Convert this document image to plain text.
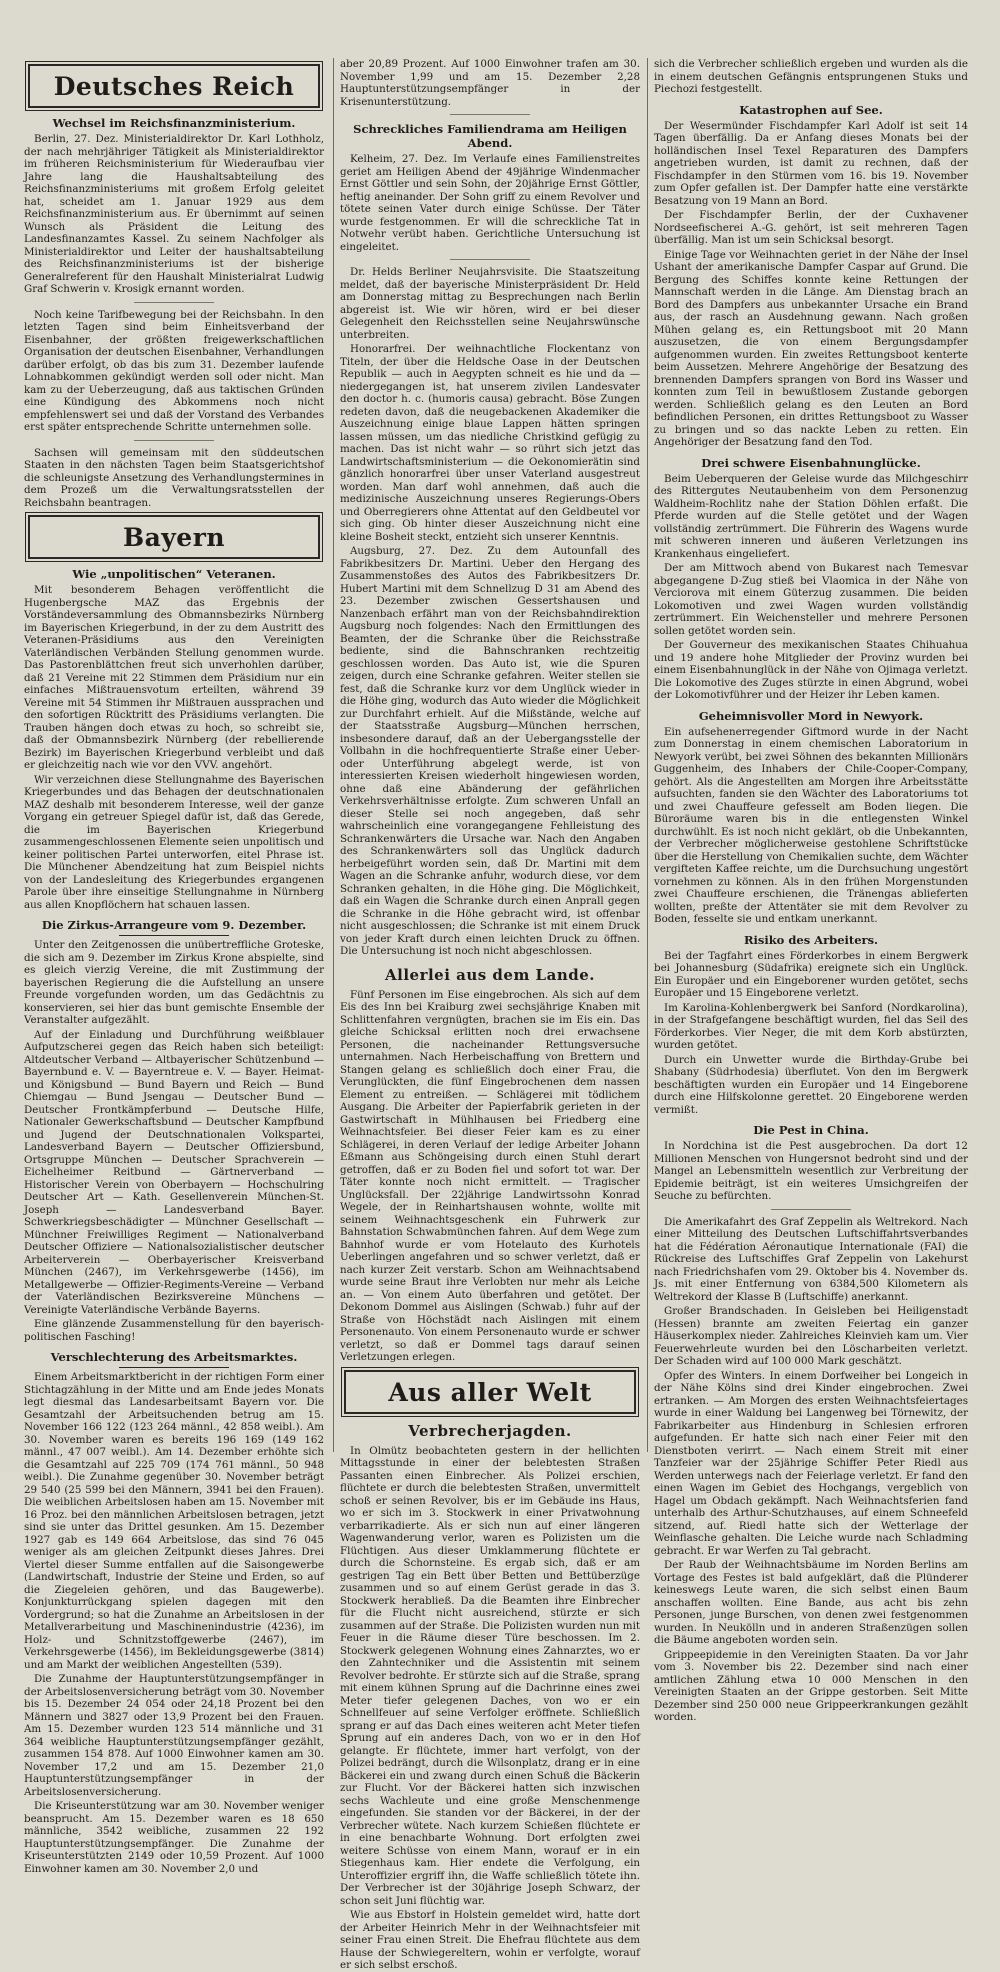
Deutsches Reich
Wechsel im Reichsfinanzministerium.

Berlin, 27. Dez. Ministerialdirektor Dr. Karl Lothholz, der nach mehrjähriger Tätigkeit als Ministerialdirektor im früheren Reichsministerium für Wiederaufbau vier Jahre lang die Haushaltsabteilung des Reichsfinanzministeriums mit großem Erfolg geleitet hat, scheidet am 1. Januar 1929 aus dem Reichsfinanzministerium aus. Er übernimmt auf seinen Wunsch als Präsident die Leitung des Landesfinanzamtes Kassel. Zu seinem Nachfolger als Ministerialdirektor und Leiter der haushaltsabteilung des Reichsfinanzministeriums ist der bisherige Generalreferent für den Haushalt Ministerialrat Ludwig Graf Schwerin v. Krosigk ernannt worden.

Noch keine Tarifbewegung bei der Reichsbahn. In den letzten Tagen sind beim Einheitsverband der Eisenbahner, der größten freigewerkschaftlichen Organisation der deutschen Eisenbahner, Verhandlungen darüber erfolgt, ob das bis zum 31. Dezember laufende Lohnabkommen gekündigt werden soll oder nicht. Man kam zu der Ueberzeugung, daß aus taktischen Gründen eine Kündigung des Abkommens noch nicht empfehlenswert sei und daß der Vorstand des Verbandes erst später entsprechende Schritte unternehmen solle.

Sachsen will gemeinsam mit den süddeutschen Staaten in den nächsten Tagen beim Staatsgerichtshof die schleunigste Ansetzung des Verhandlungstermines in dem Prozeß um die Verwaltungsratsstellen der Reichsbahn beantragen.

Bayern
Wie „unpolitischen“ Veteranen.

Mit besonderem Behagen veröffentlicht die Hugenbergsche MAZ das Ergebnis der Vorständeversammlung des Obmannsbezirks Nürnberg im Bayerischen Kriegerbund, in der zu dem Austritt des Veteranen-Präsidiums aus den Vereinigten Vaterländischen Verbänden Stellung genommen wurde. Das Pastorenblättchen freut sich unverhohlen darüber, daß 21 Vereine mit 22 Stimmen dem Präsidium nur ein einfaches Mißtrauensvotum erteilten, während 39 Vereine mit 54 Stimmen ihr Mißtrauen aussprachen und den sofortigen Rücktritt des Präsidiums verlangten. Die Trauben hängen doch etwas zu hoch, so schreibt sie, daß der Obmannsbezirk Nürnberg (der rebellierende Bezirk) im Bayerischen Kriegerbund verbleibt und daß er gleichzeitig nach wie vor den VVV. angehört.

Wir verzeichnen diese Stellungnahme des Bayerischen Kriegerbundes und das Behagen der deutschnationalen MAZ deshalb mit besonderem Interesse, weil der ganze Vorgang ein getreuer Spiegel dafür ist, daß das Gerede, die im Bayerischen Kriegerbund zusammengeschlossenen Elemente seien unpolitisch und keiner politischen Partei unterworfen, eitel Phrase ist. Die Münchener Abendzeitung hat zum Beispiel nichts von der Landesleitung des Kriegerbundes ergangenen Parole über ihre einseitige Stellungnahme in Nürnberg aus allen Knopflöchern hat schauen lassen.

Die Zirkus-Arrangeure vom 9. Dezember.

Unter den Zeitgenossen die unübertreffliche Groteske, die sich am 9. Dezember im Zirkus Krone abspielte, sind es gleich vierzig Vereine, die mit Zustimmung der bayerischen Regierung die die Aufstellung an unsere Freunde vorgefunden worden, um das Gedächtnis zu konservieren, sei hier das bunt gemischte Ensemble der Veranstalter aufgezählt.

Auf der Einladung und Durchführung weißblauer Aufputzscherei gegen das Reich haben sich beteiligt: Altdeutscher Verband — Altbayerischer Schützenbund — Bayernbund e. V. — Bayerntreue e. V. — Bayer. Heimat- und Königsbund — Bund Bayern und Reich — Bund Chiemgau — Bund Jsengau — Deutscher Bund — Deutscher Frontkämpferbund — Deutsche Hilfe, Nationaler Gewerkschaftsbund — Deutscher Kampfbund und Jugend der Deutschnationalen Volkspartei, Landesverband Bayern — Deutscher Offiziersbund, Ortsgruppe München — Deutscher Sprachverein — Eichelheimer Reitbund — Gärtnerverband — Historischer Verein von Oberbayern — Hochschulring Deutscher Art — Kath. Gesellenverein München-St. Joseph — Landesverband Bayer. Schwerkriegsbeschädigter — Münchner Gesellschaft — Münchner Freiwilliges Regiment — Nationalverband Deutscher Offiziere — Nationalsozialistischer deutscher Arbeiterverein — Oberbayerischer Kreisverband München (2467), im Verkehrsgewerbe (1456), im Metallgewerbe — Offizier-Regiments-Vereine — Verband der Vaterländischen Bezirksvereine Münchens — Vereinigte Vaterländische Verbände Bayerns.

Eine glänzende Zusammenstellung für den bayerisch-politischen Fasching!

Verschlechterung des Arbeitsmarktes.

Einem Arbeitsmarktbericht in der richtigen Form einer Stichtagzählung in der Mitte und am Ende jedes Monats legt diesmal das Landesarbeitsamt Bayern vor. Die Gesamtzahl der Arbeitsuchenden betrug am 15. November 166 122 (123 264 männl., 42 858 weibl.). Am 30. November waren es bereits 196 169 (149 162 männl., 47 007 weibl.). Am 14. Dezember erhöhte sich die Gesamtzahl auf 225 709 (174 761 männl., 50 948 weibl.). Die Zunahme gegenüber 30. November beträgt 29 540 (25 599 bei den Männern, 3941 bei den Frauen). Die weiblichen Arbeitslosen haben am 15. November mit 16 Proz. bei den männlichen Arbeitslosen betragen, jetzt sind sie unter das Drittel gesunken. Am 15. Dezember 1927 gab es 149 664 Arbeitslose, das sind 76 045 weniger als am gleichen Zeitpunkt dieses Jahres. Drei Viertel dieser Summe entfallen auf die Saisongewerbe (Landwirtschaft, Industrie der Steine und Erden, so auf die Ziegeleien gehören, und das Baugewerbe). Konjunkturrückgang spielen dagegen mit den Vordergrund; so hat die Zunahme an Arbeitslosen in der Metallverarbeitung und Maschinenindustrie (4236), im Holz- und Schnitzstoffgewerbe (2467), im Verkehrsgewerbe (1456), im Bekleidungsgewerbe (3814) und am Markt der weiblichen Angestellten (539).

Die Zunahme der Hauptunterstützungsempfänger in der Arbeitslosenversicherung beträgt vom 30. November bis 15. Dezember 24 054 oder 24,18 Prozent bei den Männern und 3827 oder 13,9 Prozent bei den Frauen. Am 15. Dezember wurden 123 514 männliche und 31 364 weibliche Hauptunterstützungsempfänger gezählt, zusammen 154 878. Auf 1000 Einwohner kamen am 30. November 17,2 und am 15. Dezember 21,0 Hauptunterstützungsempfänger in der Arbeitslosenversicherung.

Die Kriseunterstützung war am 30. November weniger beansprucht. Am 15. Dezember waren es 18 650 männliche, 3542 weibliche, zusammen 22 192 Hauptunterstützungsempfänger. Die Zunahme der Kriseunterstützten 2149 oder 10,59 Prozent. Auf 1000 Einwohner kamen am 30. November 2,0 und

aber 20,89 Prozent. Auf 1000 Einwohner trafen am 30. November 1,99 und am 15. Dezember 2,28 Hauptunterstützungsempfänger in der Krisenunterstützung.

Schreckliches Familiendrama am Heiligen Abend.

Kelheim, 27. Dez. Im Verlaufe eines Familienstreites geriet am Heiligen Abend der 49jährige Windenmacher Ernst Göttler und sein Sohn, der 20jährige Ernst Göttler, heftig aneinander. Der Sohn griff zu einem Revolver und tötete seinen Vater durch einige Schüsse. Der Täter wurde festgenommen. Er will die schreckliche Tat in Notwehr verübt haben. Gerichtliche Untersuchung ist eingeleitet.

Dr. Helds Berliner Neujahrsvisite. Die Staatszeitung meldet, daß der bayerische Ministerpräsident Dr. Held am Donnerstag mittag zu Besprechungen nach Berlin abgereist ist. Wie wir hören, wird er bei dieser Gelegenheit den Reichsstellen seine Neujahrswünsche unterbreiten.

Honorarfrei. Der weihnachtliche Flockentanz von Titeln, der über die Heldsche Oase in der Deutschen Republik — auch in Aegypten schneit es hie und da — niedergegangen ist, hat unserem zivilen Landesvater den doctor h. c. (humoris causa) gebracht. Böse Zungen redeten davon, daß die neugebackenen Akademiker die Auszeichnung einige blaue Lappen hätten springen lassen müssen, um das niedliche Christkind gefügig zu machen. Das ist nicht wahr — so rührt sich jetzt das Landwirtschaftsministerium — die Oekonomierätin sind gänzlich honorarfrei über unser Vaterland ausgestreut worden. Man darf wohl annehmen, daß auch die medizinische Auszeichnung unseres Regierungs-Obers und Oberregierers ohne Attentat auf den Geldbeutel vor sich ging. Ob hinter dieser Auszeichnung nicht eine kleine Bosheit steckt, entzieht sich unserer Kenntnis.

Augsburg, 27. Dez. Zu dem Autounfall des Fabrikbesitzers Dr. Martini. Ueber den Hergang des Zusammenstoßes des Autos des Fabrikbesitzers Dr. Hubert Martini mit dem Schnellzug D 31 am Abend des 23. Dezember zwischen Gessertshausen und Nanzenbach erfährt man von der Reichsbahndirektion Augsburg noch folgendes: Nach den Ermittlungen des Beamten, der die Schranke über die Reichsstraße bediente, sind die Bahnschranken rechtzeitig geschlossen worden. Das Auto ist, wie die Spuren zeigen, durch eine Schranke gefahren. Weiter stellen sie fest, daß die Schranke kurz vor dem Unglück wieder in die Höhe ging, wodurch das Auto wieder die Möglichkeit zur Durchfahrt erhielt. Auf die Mißstände, welche auf der Staatsstraße Augsburg—München herrschen, insbesondere darauf, daß an der Uebergangsstelle der Vollbahn in die hochfrequentierte Straße einer Ueber- oder Unterführung abgelegt werde, ist von interessierten Kreisen wiederholt hingewiesen worden, ohne daß eine Abänderung der gefährlichen Verkehrsverhältnisse erfolgte. Zum schweren Unfall an dieser Stelle sei noch angegeben, daß sehr wahrscheinlich eine vorangegangene Fehlleistung des Schrankenwärters die Ursache war. Nach den Angaben des Schrankenwärters soll das Unglück dadurch herbeigeführt worden sein, daß Dr. Martini mit dem Wagen an die Schranke anfuhr, wodurch diese, vor dem Schranken gehalten, in die Höhe ging. Die Möglichkeit, daß ein Wagen die Schranke durch einen Anprall gegen die Schranke in die Höhe gebracht wird, ist offenbar nicht ausgeschlossen; die Schranke ist mit einem Druck von jeder Kraft durch einen leichten Druck zu öffnen. Die Untersuchung ist noch nicht abgeschlossen.

Allerlei aus dem Lande.

Fünf Personen im Eise eingebrochen. Als sich auf dem Eis des Inn bei Kraiburg zwei sechsjährige Knaben mit Schlittenfahren vergnügten, brachen sie im Eis ein. Das gleiche Schicksal erlitten noch drei erwachsene Personen, die nacheinander Rettungsversuche unternahmen. Nach Herbeischaffung von Brettern und Stangen gelang es schließlich doch einer Frau, die Verunglückten, die fünf Eingebrochenen dem nassen Element zu entreißen. — Schlägerei mit tödlichem Ausgang. Die Arbeiter der Papierfabrik gerieten in der Gastwirtschaft in Mühlhausen bei Friedberg eine Weihnachtsfeier. Bei dieser Feier kam es zu einer Schlägerei, in deren Verlauf der ledige Arbeiter Johann Eßmann aus Schöngeising durch einen Stuhl derart getroffen, daß er zu Boden fiel und sofort tot war. Der Täter konnte noch nicht ermittelt. — Tragischer Unglücksfall. Der 22jährige Landwirtssohn Konrad Wegele, der in Reinhartshausen wohnte, wollte mit seinem Weihnachtsgeschenk ein Fuhrwerk zur Bahnstation Schwabmünchen fahren. Auf dem Wege zum Bahnhof wurde er vom Hotelauto des Kurhotels Ueberlingen angefahren und so schwer verletzt, daß er nach kurzer Zeit verstarb. Schon am Weihnachtsabend wurde seine Braut ihre Verlobten nur mehr als Leiche an. — Von einem Auto überfahren und getötet. Der Dekonom Dommel aus Aislingen (Schwab.) fuhr auf der Straße von Höchstädt nach Aislingen mit einem Personenauto. Von einem Personenauto wurde er schwer verletzt, so daß er Dommel tags darauf seinen Verletzungen erlegen.

Aus aller Welt
Verbrecherjagden.

In Olmütz beobachteten gestern in der hellichten Mittagsstunde in einer der belebtesten Straßen Passanten einen Einbrecher. Als Polizei erschien, flüchtete er durch die belebtesten Straßen, unvermittelt schoß er seinen Revolver, bis er im Gebäude ins Haus, wo er sich im 3. Stockwerk in einer Privatwohnung verbarrikadierte. Als er sich nun auf einer längeren Wagenwanderung verlor, waren es Polizisten um die Flüchtigen. Aus dieser Umklammerung flüchtete er durch die Schornsteine. Es ergab sich, daß er am gestrigen Tag ein Bett über Betten und Bettüberzüge zusammen und so auf einem Gerüst gerade in das 3. Stockwerk herabließ. Da die Beamten ihre Einbrecher für die Flucht nicht ausreichend, stürzte er sich zusammen auf der Straße. Die Polizisten wurden nun mit Feuer in die Räume dieser Türe beschossen. Im 2. Stockwerk gelegenen Wohnung eines Zahnarztes, wo er den Zahntechniker und die Assistentin mit seinem Revolver bedrohte. Er stürzte sich auf die Straße, sprang mit einem kühnen Sprung auf die Dachrinne eines zwei Meter tiefer gelegenen Daches, von wo er ein Schnellfeuer auf seine Verfolger eröffnete. Schließlich sprang er auf das Dach eines weiteren acht Meter tiefen Sprung auf ein anderes Dach, von wo er in den Hof gelangte. Er flüchtete, immer hart verfolgt, von der Polizei bedrängt, durch die Wilsonplatz, drang er in eine Bäckerei ein und zwang durch einen Schuß die Bäckerin zur Flucht. Vor der Bäckerei hatten sich inzwischen sechs Wachleute und eine große Menschenmenge eingefunden. Sie standen vor der Bäckerei, in der der Verbrecher wütete. Nach kurzem Schießen flüchtete er in eine benachbarte Wohnung. Dort erfolgten zwei weitere Schüsse von einem Mann, worauf er in ein Stiegenhaus kam. Hier endete die Verfolgung, ein Unteroffizier ergriff ihn, die Waffe schließlich tötete ihn. Der Verbrecher ist der 30jährige Joseph Schwarz, der schon seit Juni flüchtig war.

Wie aus Ebstorf in Holstein gemeldet wird, hatte dort der Arbeiter Heinrich Mehr in der Weihnachtsfeier mit seiner Frau einen Streit. Die Ehefrau flüchtete aus dem Hause der Schwiegereltern, wohin er verfolgte, worauf er sich selbst erschoß.

sich die Verbrecher schließlich ergeben und wurden als die in einem deutschen Gefängnis entsprungenen Stuks und Piechozi festgestellt.

Katastrophen auf See.

Der Wesermünder Fischdampfer Karl Adolf ist seit 14 Tagen überfällig. Da er Anfang dieses Monats bei der holländischen Insel Texel Reparaturen des Dampfers angetrieben wurden, ist damit zu rechnen, daß der Fischdampfer in den Stürmen vom 16. bis 19. November zum Opfer gefallen ist. Der Dampfer hatte eine verstärkte Besatzung von 19 Mann an Bord.

Der Fischdampfer Berlin, der der Cuxhavener Nordseefischerei A.-G. gehört, ist seit mehreren Tagen überfällig. Man ist um sein Schicksal besorgt.

Einige Tage vor Weihnachten geriet in der Nähe der Insel Ushant der amerikanische Dampfer Caspar auf Grund. Die Bergung des Schiffes konnte keine Rettungen der Mannschaft werden in die Länge. Am Dienstag brach an Bord des Dampfers aus unbekannter Ursache ein Brand aus, der rasch an Ausdehnung gewann. Nach großen Mühen gelang es, ein Rettungsboot mit 20 Mann auszusetzen, die von einem Bergungsdampfer aufgenommen wurden. Ein zweites Rettungsboot kenterte beim Aussetzen. Mehrere Angehörige der Besatzung des brennenden Dampfers sprangen von Bord ins Wasser und konnten zum Teil in bewußtlosem Zustande geborgen werden. Schließlich gelang es den Leuten an Bord befindlichen Personen, ein drittes Rettungsboot zu Wasser zu bringen und so das nackte Leben zu retten. Ein Angehöriger der Besatzung fand den Tod.

Drei schwere Eisenbahnunglücke.

Beim Ueberqueren der Geleise wurde das Milchgeschirr des Rittergutes Neutaubenheim von dem Personenzug Waldheim-Rochlitz nahe der Station Döhlen erfaßt. Die Pferde wurden auf die Stelle getötet und der Wagen vollständig zertrümmert. Die Führerin des Wagens wurde mit schweren inneren und äußeren Verletzungen ins Krankenhaus eingeliefert.

Der am Mittwoch abend von Bukarest nach Temesvar abgegangene D-Zug stieß bei Vlaomica in der Nähe von Verciorova mit einem Güterzug zusammen. Die beiden Lokomotiven und zwei Wagen wurden vollständig zertrümmert. Ein Weichensteller und mehrere Personen sollen getötet worden sein.

Der Gouverneur des mexikanischen Staates Chihuahua und 19 andere hohe Mitglieder der Provinz wurden bei einem Eisenbahnunglück in der Nähe von Ojimaga verletzt. Die Lokomotive des Zuges stürzte in einen Abgrund, wobei der Lokomotivführer und der Heizer ihr Leben kamen.

Geheimnisvoller Mord in Newyork.

Ein aufsehenerregender Giftmord wurde in der Nacht zum Donnerstag in einem chemischen Laboratorium in Newyork verübt, bei zwei Söhnen des bekannten Millionärs Guggenheim, des Inhabers der Chile-Cooper-Company, gehört. Als die Angestellten am Morgen ihre Arbeitsstätte aufsuchten, fanden sie den Wächter des Laboratoriums tot und zwei Chauffeure gefesselt am Boden liegen. Die Büroräume waren bis in die entlegensten Winkel durchwühlt. Es ist noch nicht geklärt, ob die Unbekannten, der Verbrecher möglicherweise gestohlene Schriftstücke über die Herstellung von Chemikalien suchte, dem Wächter vergifteten Kaffee reichte, um die Durchsuchung ungestört vornehmen zu können. Als in den frühen Morgenstunden zwei Chauffeure erschienen, die Tränengas ablieferten wollten, preßte der Attentäter sie mit dem Revolver zu Boden, fesselte sie und entkam unerkannt.

Risiko des Arbeiters.

Bei der Tagfahrt eines Förderkorbes in einem Bergwerk bei Johannesburg (Südafrika) ereignete sich ein Unglück. Ein Europäer und ein Eingeborener wurden getötet, sechs Europäer und 15 Eingeborene verletzt.

Im Karolina-Kohlenbergwerk bei Sanford (Nordkarolina), in der Strafgefangene beschäftigt wurden, fiel das Seil des Förderkorbes. Vier Neger, die mit dem Korb abstürzten, wurden getötet.

Durch ein Unwetter wurde die Birthday-Grube bei Shabany (Südrhodesia) überflutet. Von den im Bergwerk beschäftigten wurden ein Europäer und 14 Eingeborene durch eine Hilfskolonne gerettet. 20 Eingeborene werden vermißt.

Die Pest in China.

In Nordchina ist die Pest ausgebrochen. Da dort 12 Millionen Menschen von Hungersnot bedroht sind und der Mangel an Lebensmitteln wesentlich zur Verbreitung der Epidemie beiträgt, ist ein weiteres Umsichgreifen der Seuche zu befürchten.

Die Amerikafahrt des Graf Zeppelin als Weltrekord. Nach einer Mitteilung des Deutschen Luftschiffahrtsverbandes hat die Fédération Aéronautique Internationale (FAI) die Rückreise des Luftschiffes Graf Zeppelin von Lakehurst nach Friedrichshafen vom 29. Oktober bis 4. November ds. Js. mit einer Entfernung von 6384,500 Kilometern als Weltrekord der Klasse B (Luftschiffe) anerkannt.

Großer Brandschaden. In Geisleben bei Heiligenstadt (Hessen) brannte am zweiten Feiertag ein ganzer Häuserkomplex nieder. Zahlreiches Kleinvieh kam um. Vier Feuerwehrleute wurden bei den Löscharbeiten verletzt. Der Schaden wird auf 100 000 Mark geschätzt.

Opfer des Winters. In einem Dorfweiher bei Longeich in der Nähe Kölns sind drei Kinder eingebrochen. Zwei ertranken. — Am Morgen des ersten Weihnachtsfeiertages wurde in einer Waldung bei Langenweg bei Törnewitz, der Fabrikarbeiter aus Hindenburg in Schlesien erfroren aufgefunden. Er hatte sich nach einer Feier mit den Dienstboten verirrt. — Nach einem Streit mit einer Tanzfeier war der 25jährige Schiffer Peter Riedl aus Werden unterwegs nach der Feierlage verletzt. Er fand den einen Wagen im Gebiet des Hochgangs, vergeblich von Hagel um Obdach gekämpft. Nach Weihnachtsferien fand unterhalb des Arthur-Schutzhauses, auf einem Schneefeld sitzend, auf. Riedl hatte sich der Wetterlage der Weinflasche gehalten. Die Leiche wurde nach Schladming gebracht. Er war Werfen zu Tal gebracht.

Der Raub der Weihnachtsbäume im Norden Berlins am Vortage des Festes ist bald aufgeklärt, daß die Plünderer keineswegs Leute waren, die sich selbst einen Baum anschaffen wollten. Eine Bande, aus acht bis zehn Personen, junge Burschen, von denen zwei festgenommen wurden. In Neukölln und in anderen Straßenzügen sollen die Bäume angeboten worden sein.

Grippeepidemie in den Vereinigten Staaten. Da vor Jahr vom 3. November bis 22. Dezember sind nach einer amtlichen Zählung etwa 10 000 Menschen in den Vereinigten Staaten an der Grippe gestorben. Seit Mitte Dezember sind 250 000 neue Grippeerkrankungen gezählt worden.
